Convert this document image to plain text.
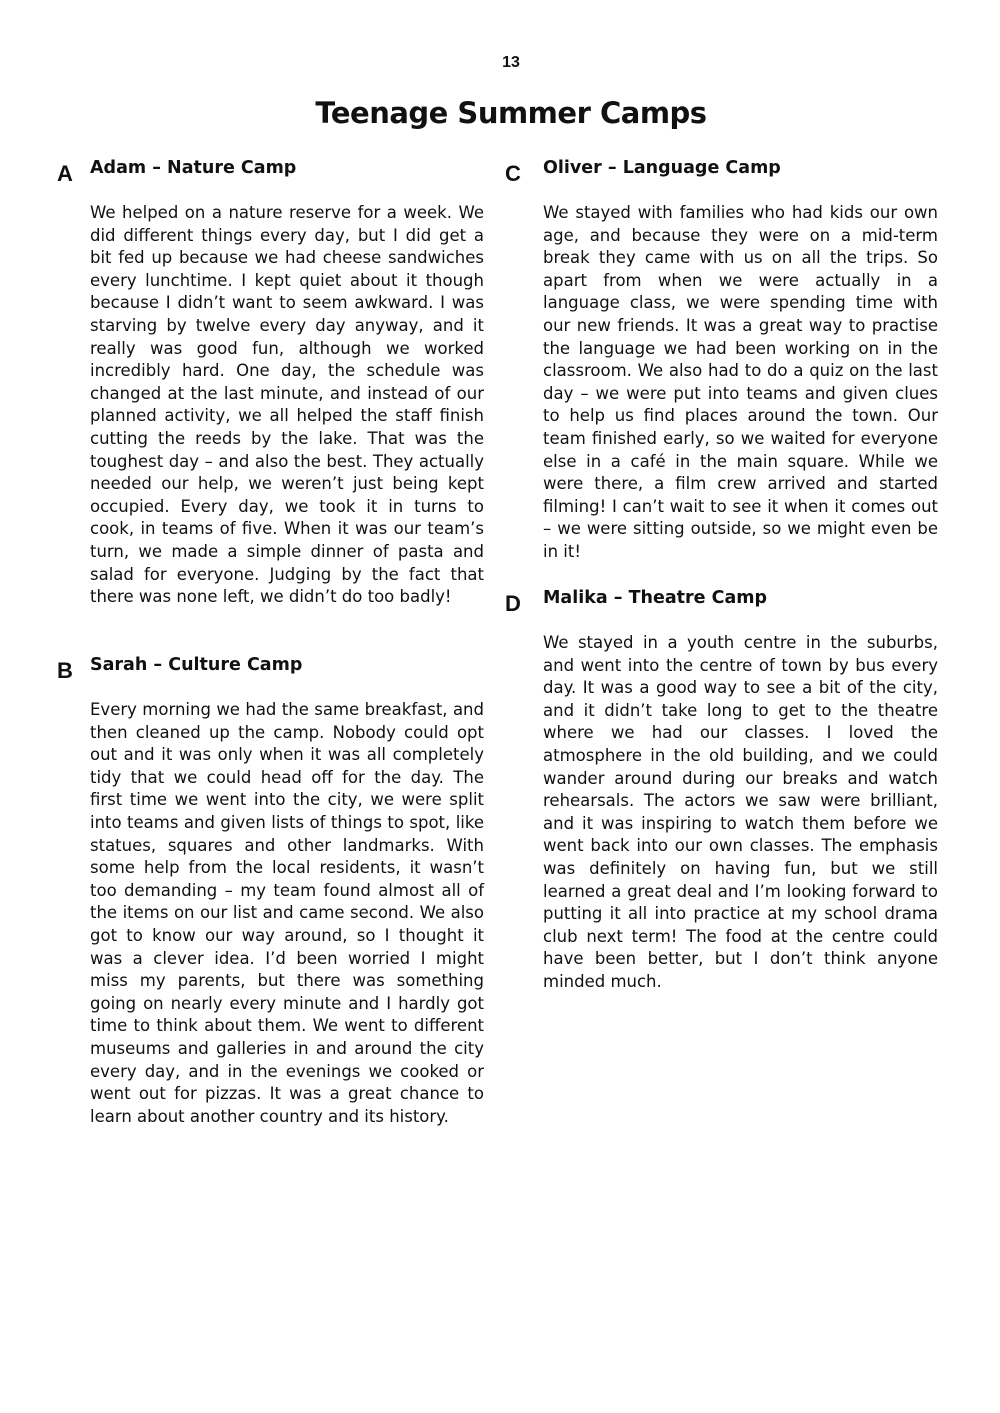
13
Teenage Summer Camps
A Adam – Nature Camp

We helped on a nature reserve for a week. We did different things every day, but I did get a bit fed up because we had cheese sandwiches every lunchtime. I kept quiet about it though because I didn’t want to seem awkward. I was starving by twelve every day anyway, and it really was good fun, although we worked incredibly hard. One day, the schedule was changed at the last minute, and instead of our planned activity, we all helped the staff finish cutting the reeds by the lake. That was the toughest day – and also the best. They actually needed our help, we weren’t just being kept occupied. Every day, we took it in turns to cook, in teams of five. When it was our team’s turn, we made a simple dinner of pasta and salad for everyone. Judging by the fact that there was none left, we didn’t do too badly!

B Sarah – Culture Camp

Every morning we had the same breakfast, and then cleaned up the camp. Nobody could opt out and it was only when it was all completely tidy that we could head off for the day. The first time we went into the city, we were split into teams and given lists of things to spot, like statues, squares and other landmarks. With some help from the local residents, it wasn’t too demanding – my team found almost all of the items on our list and came second. We also got to know our way around, so I thought it was a clever idea. I’d been worried I might miss my parents, but there was something going on nearly every minute and I hardly got time to think about them. We went to different museums and galleries in and around the city every day, and in the evenings we cooked or went out for pizzas. It was a great chance to learn about another country and its history.

C Oliver – Language Camp

We stayed with families who had kids our own age, and because they were on a mid-term break they came with us on all the trips. So apart from when we were actually in a language class, we were spending time with our new friends. It was a great way to practise the language we had been working on in the classroom. We also had to do a quiz on the last day – we were put into teams and given clues to help us find places around the town. Our team finished early, so we waited for everyone else in a café in the main square. While we were there, a film crew arrived and started filming! I can’t wait to see it when it comes out – we were sitting outside, so we might even be in it!

D Malika – Theatre Camp

We stayed in a youth centre in the suburbs, and went into the centre of town by bus every day. It was a good way to see a bit of the city, and it didn’t take long to get to the theatre where we had our classes. I loved the atmosphere in the old building, and we could wander around during our breaks and watch rehearsals. The actors we saw were brilliant, and it was inspiring to watch them before we went back into our own classes. The emphasis was definitely on having fun, but we still learned a great deal and I’m looking forward to putting it all into practice at my school drama club next term! The food at the centre could have been better, but I don’t think anyone minded much.
